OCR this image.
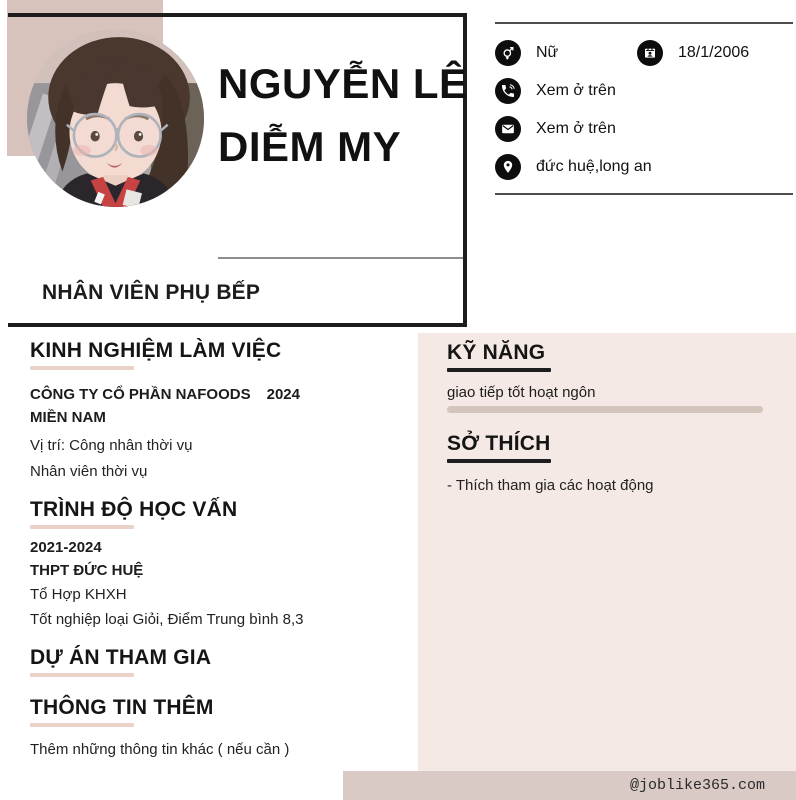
NGUYỄN LÊ DIỄM MY
NHÂN VIÊN PHỤ BẾP
Nữ	18/1/2006
Xem ở trên
Xem ở trên
đức huệ,long an
KINH NGHIỆM LÀM VIỆC
CÔNG TY CỔ PHẦN NAFOODS MIỀN NAM
2024
Vị trí: Công nhân thời vụ
Nhân viên thời vụ
TRÌNH ĐỘ HỌC VẤN
2021-2024
THPT ĐỨC HUỆ
Tổ Hợp KHXH
Tốt nghiệp loại Giỏi, Điểm Trung bình 8,3
DỰ ÁN THAM GIA
THÔNG TIN THÊM
Thêm những thông tin khác ( nếu cần )
KỸ NĂNG
giao tiếp tốt hoạt ngôn
SỞ THÍCH
- Thích tham gia các hoạt động
@joblike365.com
